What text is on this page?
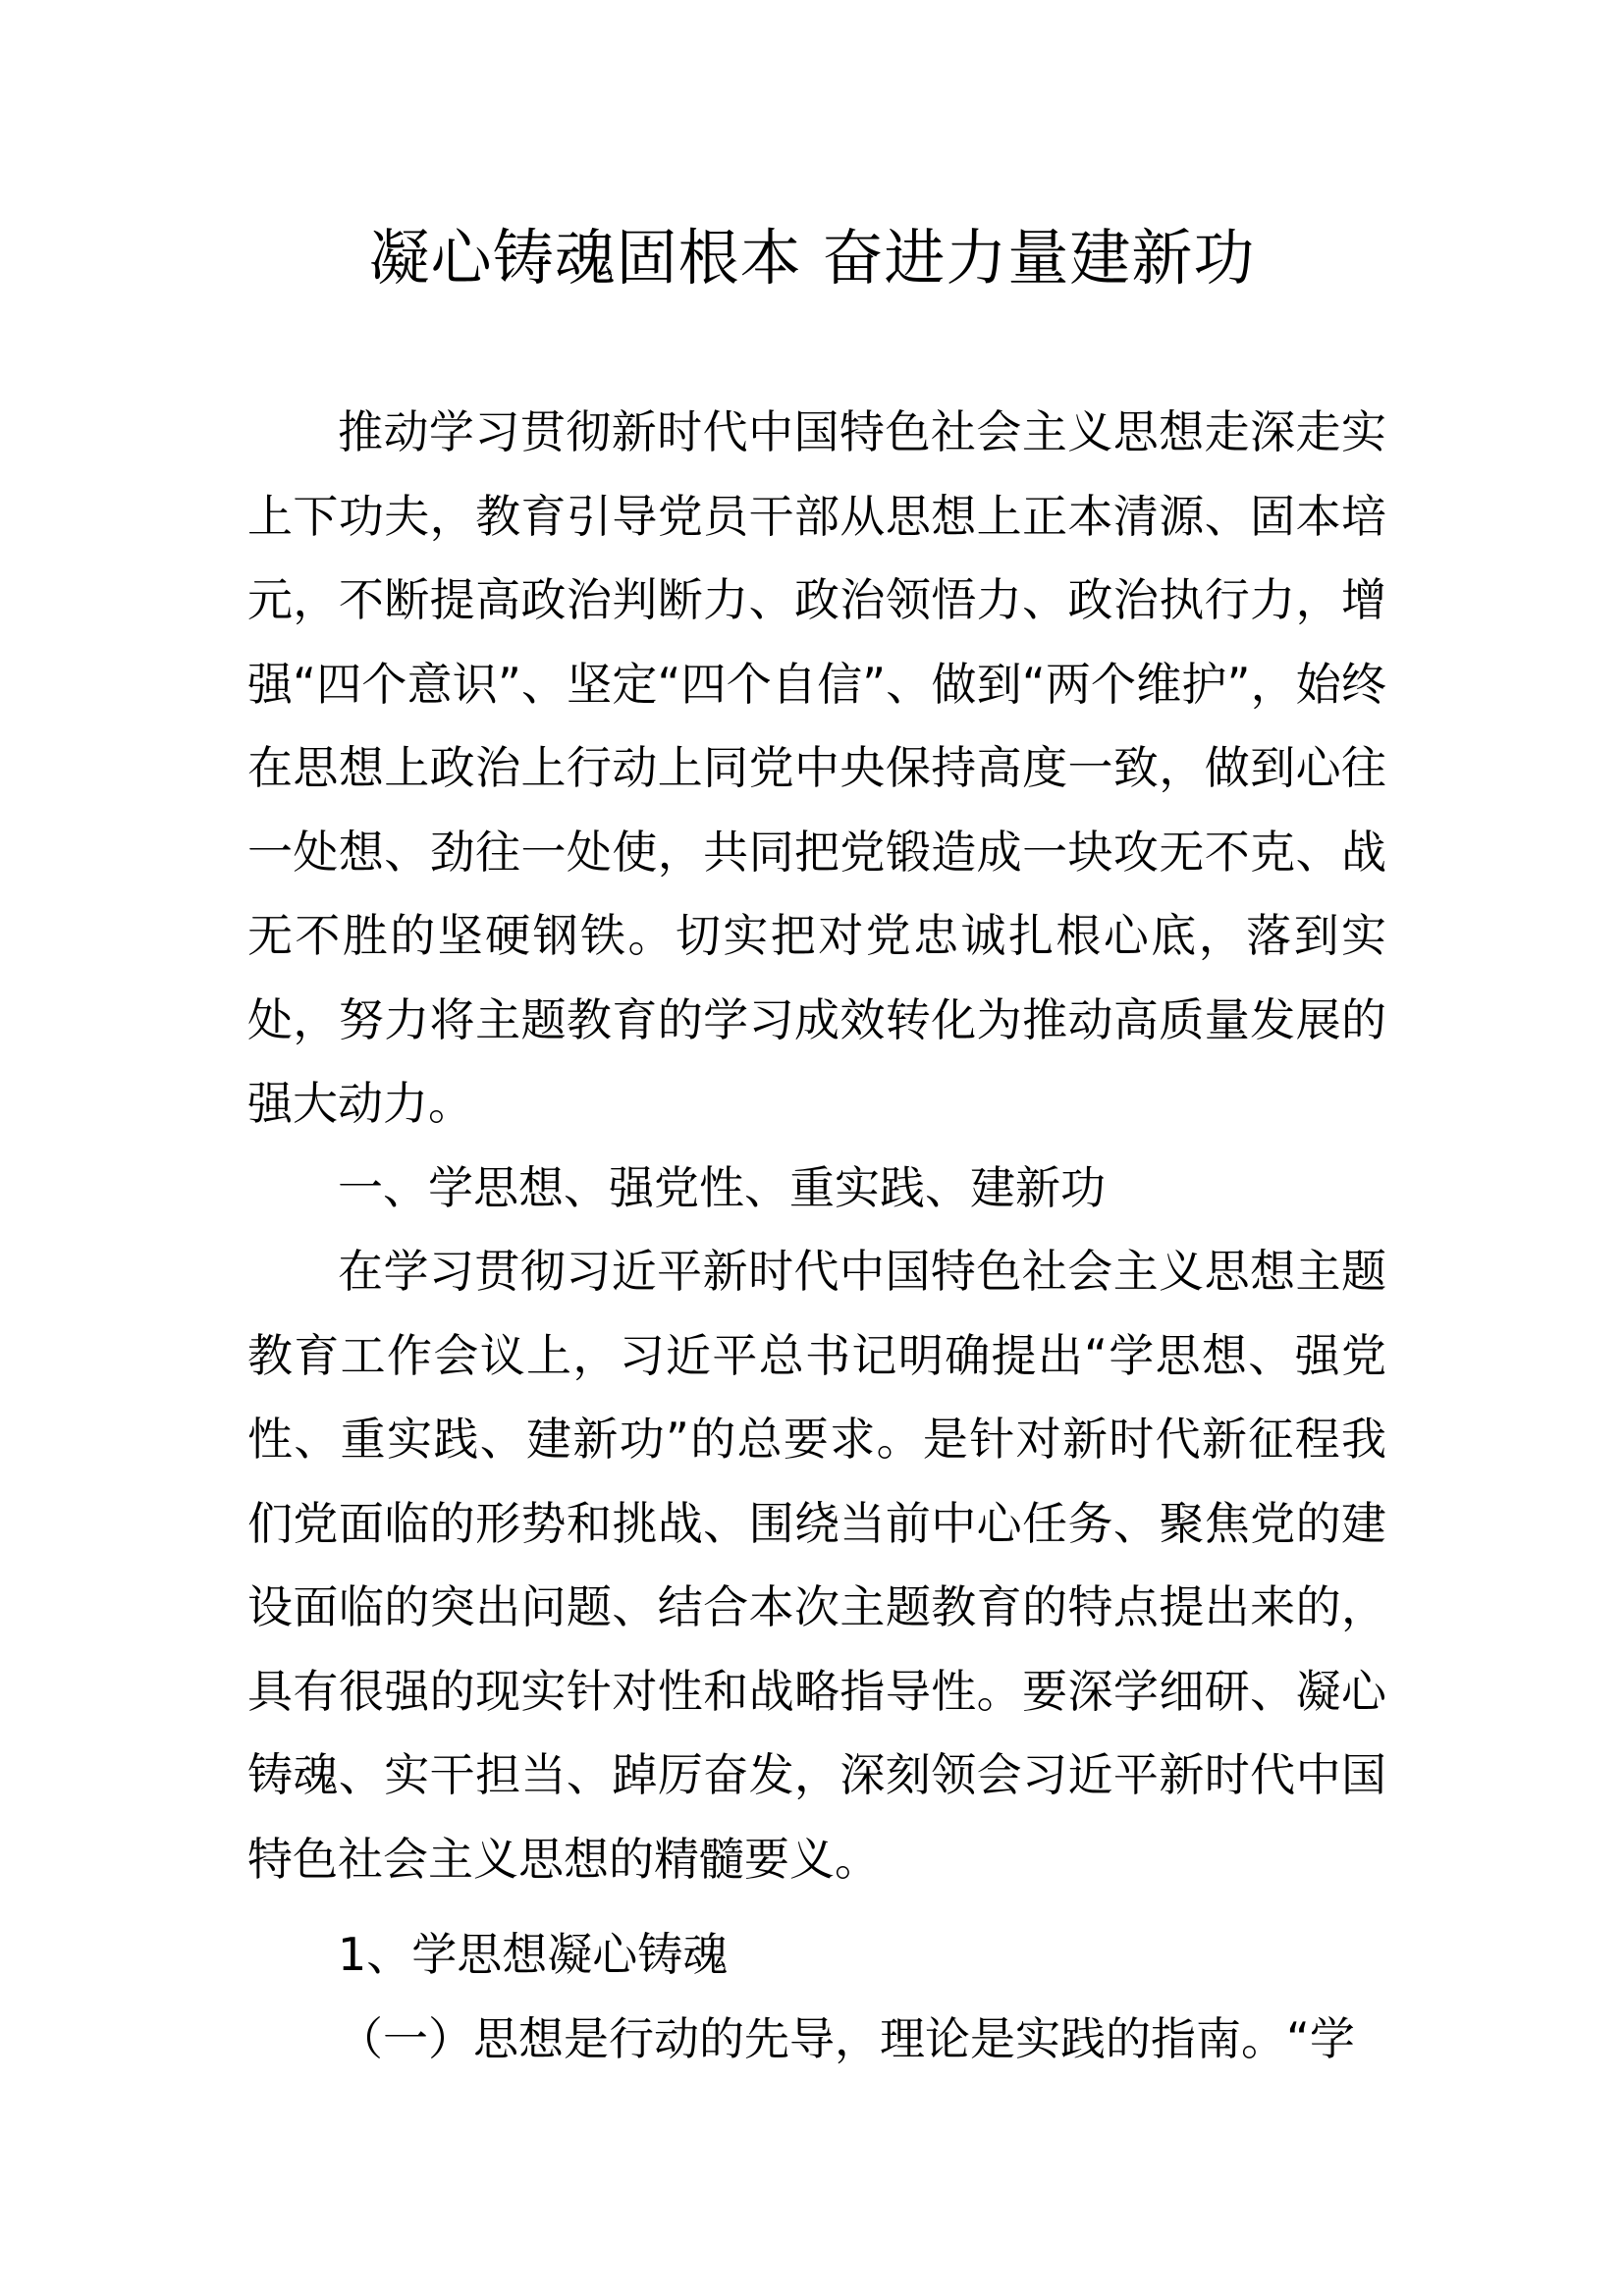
凝心铸魂固根本 奋进力量建新功

推动学习贯彻新时代中国特色社会主义思想走深走实上下功夫，教育引导党员干部从思想上正本清源、固本培元，不断提高政治判断力、政治领悟力、政治执行力，增强“四个意识”、坚定“四个自信”、做到“两个维护”，始终在思想上政治上行动上同党中央保持高度一致，做到心往一处想、劲往一处使，共同把党锻造成一块攻无不克、战无不胜的坚硬钢铁。切实把对党忠诚扎根心底，落到实处，努力将主题教育的学习成效转化为推动高质量发展的强大动力。

一、学思想、强党性、重实践、建新功

在学习贯彻习近平新时代中国特色社会主义思想主题教育工作会议上，习近平总书记明确提出“学思想、强党性、重实践、建新功”的总要求。是针对新时代新征程我们党面临的形势和挑战、围绕当前中心任务、聚焦党的建设面临的突出问题、结合本次主题教育的特点提出来的，具有很强的现实针对性和战略指导性。要深学细研、凝心铸魂、实干担当、踔厉奋发，深刻领会习近平新时代中国特色社会主义思想的精髓要义。

1、学思想凝心铸魂

（一）思想是行动的先导，理论是实践的指南。“学
